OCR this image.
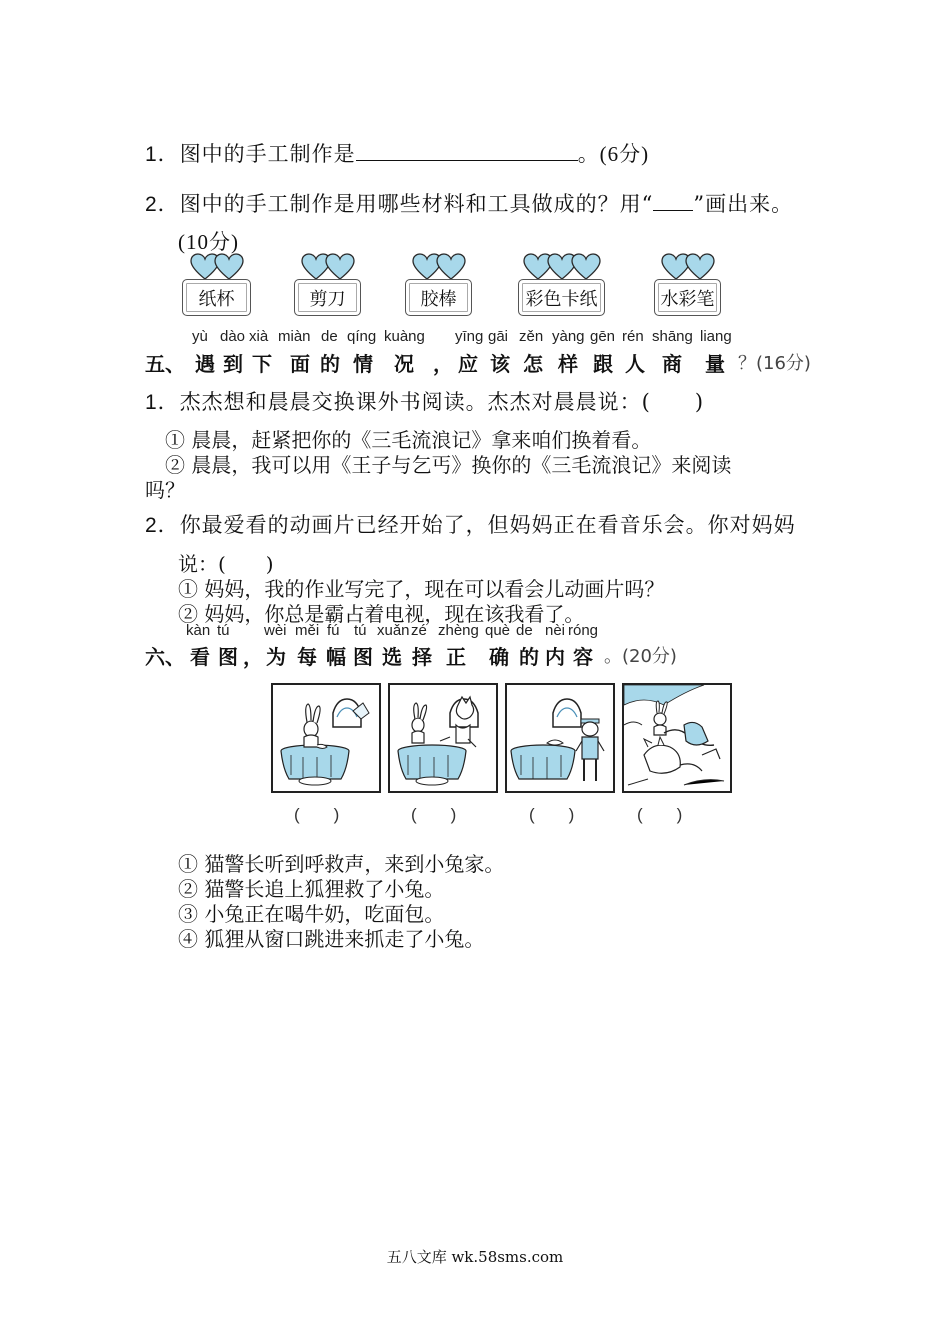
1．图中的手工制作是	。(6分)
2．图中的手工制作是用哪些材料和工具做成的？用“ ”画出来。
(10分)
纸杯	剪刀	胶棒	彩色卡纸	水彩笔
yù dào xià miàn de qíng kuàng yīng gāi zěn yàng gēn rén shāng liang
五、 遇 到 下 面 的 情 况 ， 应 该 怎 样 跟 人 商 量 ？(16分)
1．杰杰想和晨晨交换课外书阅读。杰杰对晨晨说：(　　)
① 晨晨，赶紧把你的《三毛流浪记》拿来咱们换着看。
② 晨晨，我可以用《王子与乞丐》换你的《三毛流浪记》来阅读
吗？
2．你最爱看的动画片已经开始了，但妈妈正在看音乐会。你对妈妈
说：(　　)
① 妈妈，我的作业写完了，现在可以看会儿动画片吗？
② 妈妈，你总是霸占着电视，现在该我看了。
kàn tú wèi měi fú tú xuǎn zé zhèng què de nèi róng
六、 看 图 ， 为 每 幅 图 选 择 正 确 的 内 容 。(20分)
(　　)	(　　)	(　　)	(　　)
① 猫警长听到呼救声，来到小兔家。
② 猫警长追上狐狸救了小兔。
③ 小兔正在喝牛奶，吃面包。
④ 狐狸从窗口跳进来抓走了小兔。
五八文库 wk.58sms.com
